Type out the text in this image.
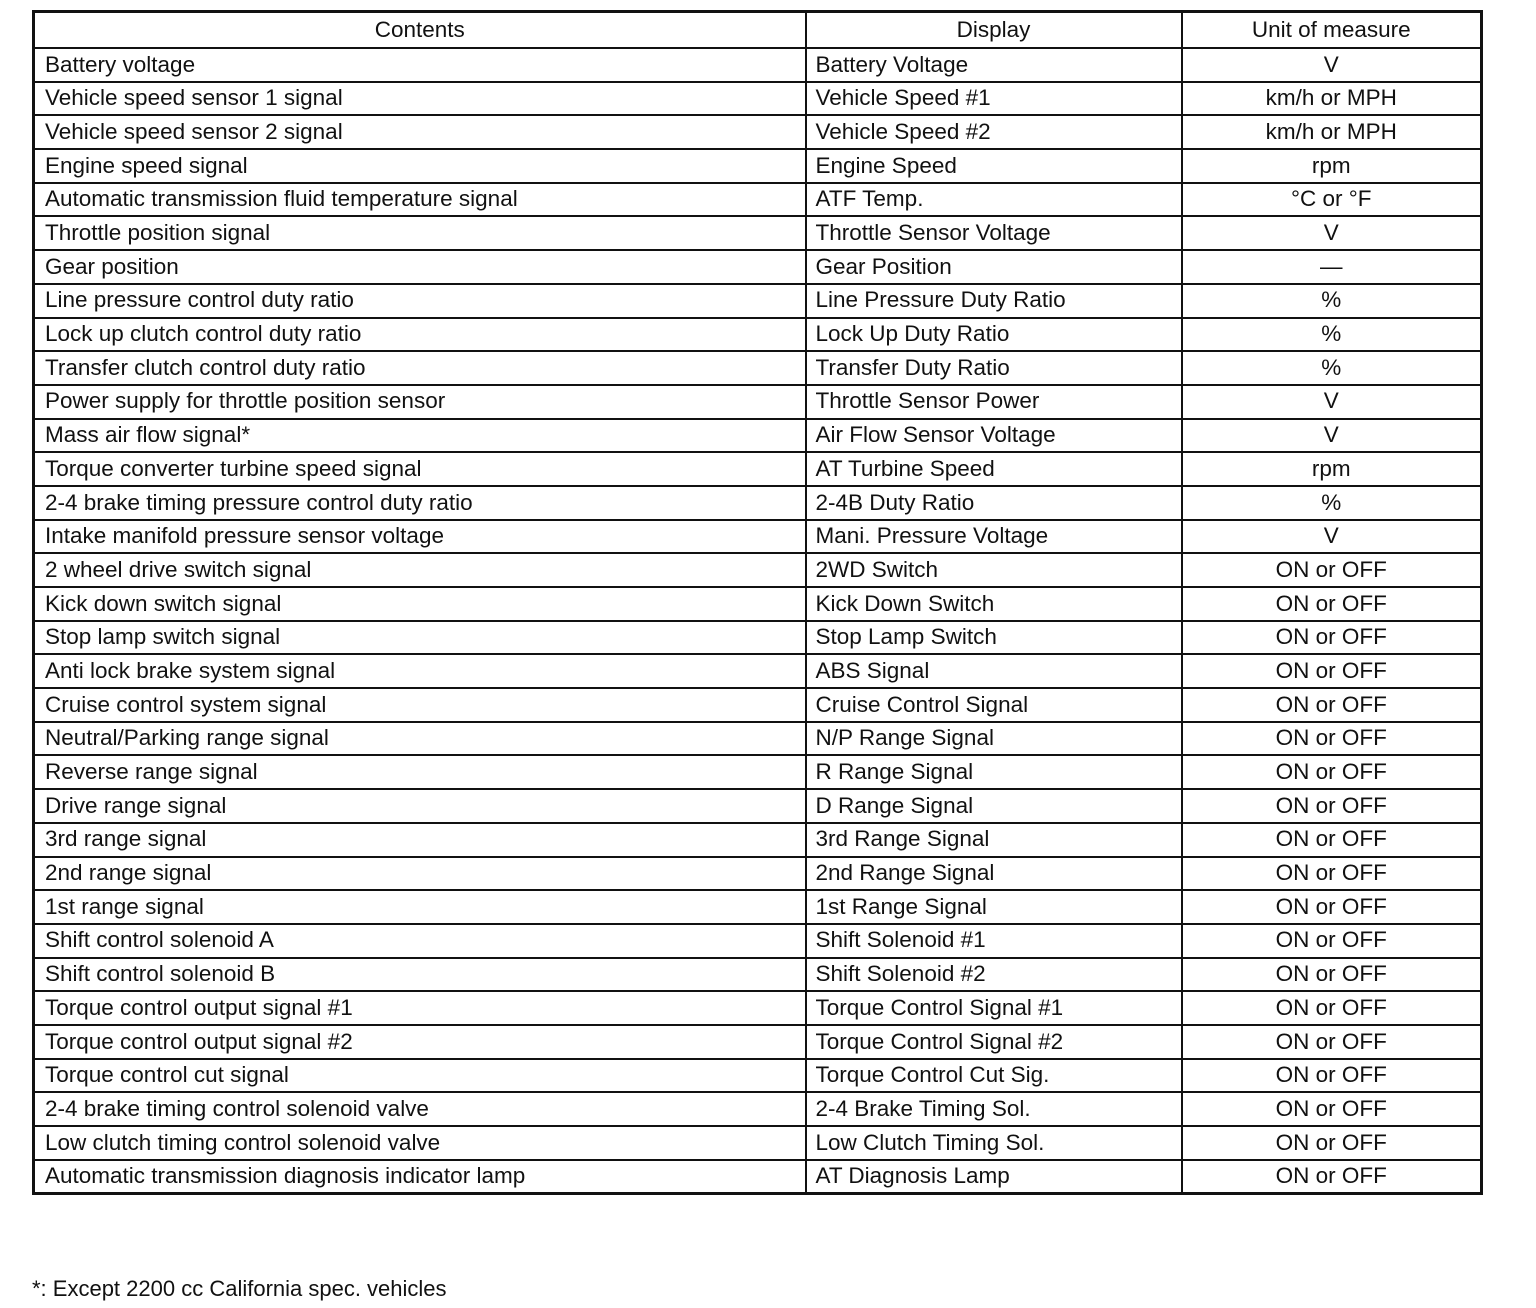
Contents	Display	Unit of measure
Battery voltage	Battery Voltage	V
Vehicle speed sensor 1 signal	Vehicle Speed #1	km/h or MPH
Vehicle speed sensor 2 signal	Vehicle Speed #2	km/h or MPH
Engine speed signal	Engine Speed	rpm
Automatic transmission fluid temperature signal	ATF Temp.	°C or °F
Throttle position signal	Throttle Sensor Voltage	V
Gear position	Gear Position	—
Line pressure control duty ratio	Line Pressure Duty Ratio	%
Lock up clutch control duty ratio	Lock Up Duty Ratio	%
Transfer clutch control duty ratio	Transfer Duty Ratio	%
Power supply for throttle position sensor	Throttle Sensor Power	V
Mass air flow signal*	Air Flow Sensor Voltage	V
Torque converter turbine speed signal	AT Turbine Speed	rpm
2-4 brake timing pressure control duty ratio	2-4B Duty Ratio	%
Intake manifold pressure sensor voltage	Mani. Pressure Voltage	V
2 wheel drive switch signal	2WD Switch	ON or OFF
Kick down switch signal	Kick Down Switch	ON or OFF
Stop lamp switch signal	Stop Lamp Switch	ON or OFF
Anti lock brake system signal	ABS Signal	ON or OFF
Cruise control system signal	Cruise Control Signal	ON or OFF
Neutral/Parking range signal	N/P Range Signal	ON or OFF
Reverse range signal	R Range Signal	ON or OFF
Drive range signal	D Range Signal	ON or OFF
3rd range signal	3rd Range Signal	ON or OFF
2nd range signal	2nd Range Signal	ON or OFF
1st range signal	1st Range Signal	ON or OFF
Shift control solenoid A	Shift Solenoid #1	ON or OFF
Shift control solenoid B	Shift Solenoid #2	ON or OFF
Torque control output signal #1	Torque Control Signal #1	ON or OFF
Torque control output signal #2	Torque Control Signal #2	ON or OFF
Torque control cut signal	Torque Control Cut Sig.	ON or OFF
2-4 brake timing control solenoid valve	2-4 Brake Timing Sol.	ON or OFF
Low clutch timing control solenoid valve	Low Clutch Timing Sol.	ON or OFF
Automatic transmission diagnosis indicator lamp	AT Diagnosis Lamp	ON or OFF
*: Except 2200 cc California spec. vehicles
